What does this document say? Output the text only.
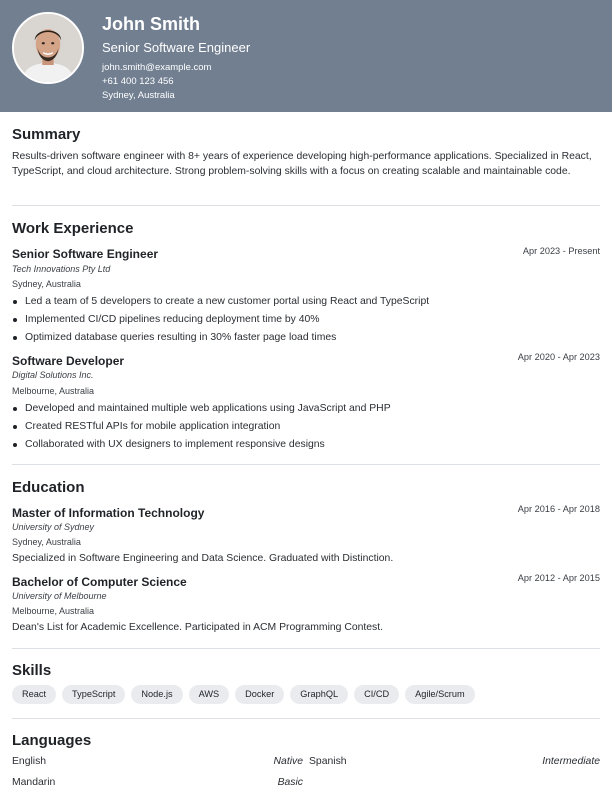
John Smith
Senior Software Engineer
john.smith@example.com
+61 400 123 456
Sydney, Australia
Summary
Results-driven software engineer with 8+ years of experience developing high-performance applications. Specialized in React, TypeScript, and cloud architecture. Strong problem-solving skills with a focus on creating scalable and maintainable code.
Work Experience
Senior Software Engineer	Apr 2023 - Present
Tech Innovations Pty Ltd
Sydney, Australia
Led a team of 5 developers to create a new customer portal using React and TypeScript
Implemented CI/CD pipelines reducing deployment time by 40%
Optimized database queries resulting in 30% faster page load times
Software Developer	Apr 2020 - Apr 2023
Digital Solutions Inc.
Melbourne, Australia
Developed and maintained multiple web applications using JavaScript and PHP
Created RESTful APIs for mobile application integration
Collaborated with UX designers to implement responsive designs
Education
Master of Information Technology	Apr 2016 - Apr 2018
University of Sydney
Sydney, Australia
Specialized in Software Engineering and Data Science. Graduated with Distinction.
Bachelor of Computer Science	Apr 2012 - Apr 2015
University of Melbourne
Melbourne, Australia
Dean's List for Academic Excellence. Participated in ACM Programming Contest.
Skills
React	TypeScript	Node.js	AWS	Docker	GraphQL	CI/CD	Agile/Scrum
Languages
English	Native Spanish	Intermediate
Mandarin	Basic
